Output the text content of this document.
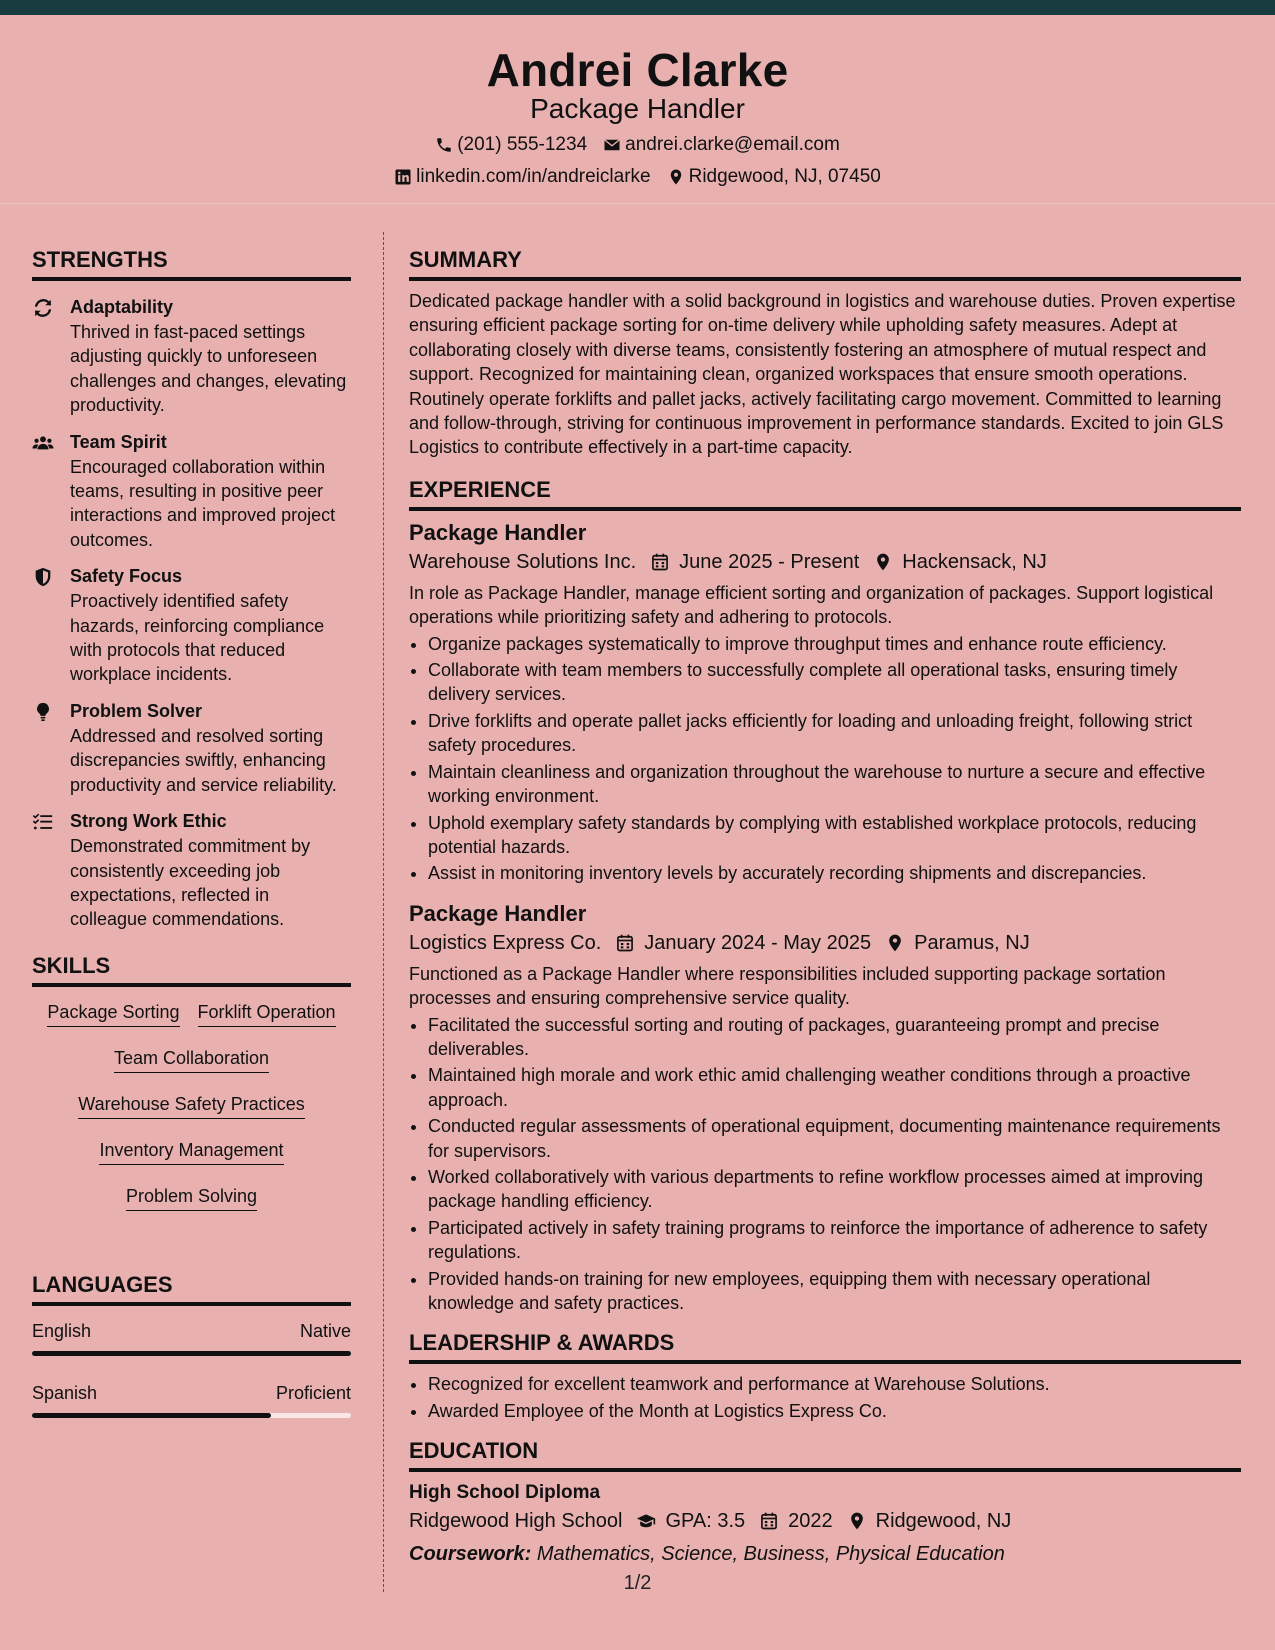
Andrei Clarke
Package Handler
(201) 555-1234 andrei.clarke@email.com
linkedin.com/in/andreiclarke Ridgewood, NJ, 07450
STRENGTHS
Adaptability
Thrived in fast-paced settings adjusting quickly to unforeseen challenges and changes, elevating productivity.
Team Spirit
Encouraged collaboration within teams, resulting in positive peer interactions and improved project outcomes.
Safety Focus
Proactively identified safety hazards, reinforcing compliance with protocols that reduced workplace incidents.
Problem Solver
Addressed and resolved sorting discrepancies swiftly, enhancing productivity and service reliability.
Strong Work Ethic
Demonstrated commitment by consistently exceeding job expectations, reflected in colleague commendations.
SKILLS
Package Sorting Forklift Operation
Team Collaboration
Warehouse Safety Practices
Inventory Management
Problem Solving
LANGUAGES
English	Native
Spanish	Proficient
SUMMARY
Dedicated package handler with a solid background in logistics and warehouse duties. Proven expertise ensuring efficient package sorting for on-time delivery while upholding safety measures. Adept at collaborating closely with diverse teams, consistently fostering an atmosphere of mutual respect and support. Recognized for maintaining clean, organized workspaces that ensure smooth operations. Routinely operate forklifts and pallet jacks, actively facilitating cargo movement. Committed to learning and follow-through, striving for continuous improvement in performance standards. Excited to join GLS Logistics to contribute effectively in a part-time capacity.
EXPERIENCE
Package Handler
Warehouse Solutions Inc. June 2025 - Present Hackensack, NJ
In role as Package Handler, manage efficient sorting and organization of packages. Support logistical operations while prioritizing safety and adhering to protocols.
• Organize packages systematically to improve throughput times and enhance route efficiency.
• Collaborate with team members to successfully complete all operational tasks, ensuring timely delivery services.
• Drive forklifts and operate pallet jacks efficiently for loading and unloading freight, following strict safety procedures.
• Maintain cleanliness and organization throughout the warehouse to nurture a secure and effective working environment.
• Uphold exemplary safety standards by complying with established workplace protocols, reducing potential hazards.
• Assist in monitoring inventory levels by accurately recording shipments and discrepancies.
Package Handler
Logistics Express Co. January 2024 - May 2025 Paramus, NJ
Functioned as a Package Handler where responsibilities included supporting package sortation processes and ensuring comprehensive service quality.
• Facilitated the successful sorting and routing of packages, guaranteeing prompt and precise deliverables.
• Maintained high morale and work ethic amid challenging weather conditions through a proactive approach.
• Conducted regular assessments of operational equipment, documenting maintenance requirements for supervisors.
• Worked collaboratively with various departments to refine workflow processes aimed at improving package handling efficiency.
• Participated actively in safety training programs to reinforce the importance of adherence to safety regulations.
• Provided hands-on training for new employees, equipping them with necessary operational knowledge and safety practices.
LEADERSHIP & AWARDS
• Recognized for excellent teamwork and performance at Warehouse Solutions.
• Awarded Employee of the Month at Logistics Express Co.
EDUCATION
High School Diploma
Ridgewood High School GPA: 3.5 2022 Ridgewood, NJ
Coursework: Mathematics, Science, Business, Physical Education
1/2
